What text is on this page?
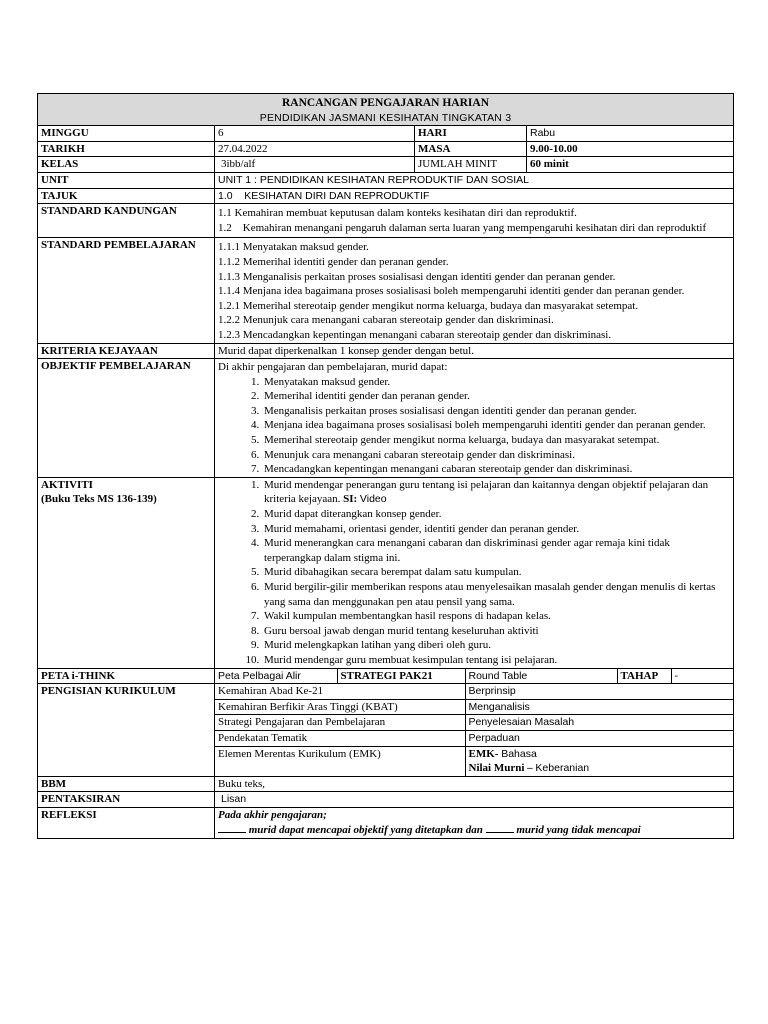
RANCANGAN PENGAJARAN HARIAN
PENDIDIKAN JASMANI KESIHATAN TINGKATAN 3

MINGGU	6	HARI	Rabu
TARIKH	27.04.2022	MASA	9.00-10.00
KELAS	3ibb/alf	JUMLAH MINIT	60 minit
UNIT	UNIT 1 : PENDIDIKAN KESIHATAN REPRODUKTIF DAN SOSIAL
TAJUK	1.0    KESIHATAN DIRI DAN REPRODUKTIF
STANDARD KANDUNGAN	1.1 Kemahiran membuat keputusan dalam konteks kesihatan diri dan reproduktif.

1.2    Kemahiran menangani pengaruh dalaman serta luaran yang mempengaruhi kesihatan diri dan reproduktif

STANDARD PEMBELAJARAN	1.1.1 Menyatakan maksud gender.

1.1.2 Memerihal identiti gender dan peranan gender.

1.1.3 Menganalisis perkaitan proses sosialisasi dengan identiti gender dan peranan gender.

1.1.4 Menjana idea bagaimana proses sosialisasi boleh mempengaruhi identiti gender dan peranan gender.

1.2.1 Memerihal stereotaip gender mengikut norma keluarga, budaya dan masyarakat setempat.

1.2.2 Menunjuk cara menangani cabaran stereotaip gender dan diskriminasi.

1.2.3 Mencadangkan kepentingan menangani cabaran stereotaip gender dan diskriminasi.

KRITERIA KEJAYAAN	Murid dapat diperkenalkan 1 konsep gender dengan betul.
OBJEKTIF PEMBELAJARAN	Di akhir pengajaran dan pembelajaran, murid dapat:

1. Menyatakan maksud gender.
2. Memerihal identiti gender dan peranan gender.
3. Menganalisis perkaitan proses sosialisasi dengan identiti gender dan peranan gender.
4. Menjana idea bagaimana proses sosialisasi boleh mempengaruhi identiti gender dan peranan gender.
5. Memerihal stereotaip gender mengikut norma keluarga, budaya dan masyarakat setempat.
6. Menunjuk cara menangani cabaran stereotaip gender dan diskriminasi.
7. Mencadangkan kepentingan menangani cabaran stereotaip gender dan diskriminasi.

AKTIVITI

(Buku Teks MS 136-139)

1. Murid mendengar penerangan guru tentang isi pelajaran dan kaitannya dengan objektif pelajaran dan kriteria kejayaan. SI: Video
2. Murid dapat diterangkan konsep gender.
3. Murid memahami, orientasi gender, identiti gender dan peranan gender.
4. Murid menerangkan cara menangani cabaran dan diskriminasi gender agar remaja kini tidak terperangkap dalam stigma ini.
5. Murid dibahagikan secara berempat dalam satu kumpulan.
6. Murid bergilir-gilir memberikan respons atau menyelesaikan masalah gender dengan menulis di kertas yang sama dan menggunakan pen atau pensil yang sama.
7. Wakil kumpulan membentangkan hasil respons di hadapan kelas.
8. Guru bersoal jawab dengan murid tentang keseluruhan aktiviti
9. Murid melengkapkan latihan yang diberi oleh guru.
10. Murid mendengar guru membuat kesimpulan tentang isi pelajaran.

PETA i-THINK		Peta Pelbagai Alir	STRATEGI PAK21	Round Table	TAHAP	-

PENGISIAN KURIKULUM		Kemahiran Abad Ke-21	Berprinsip
Kemahiran Berfikir Aras Tinggi (KBAT)	Menganalisis
Strategi Pengajaran dan Pembelajaran	Penyelesaian Masalah
Pendekatan Tematik	Perpaduan
Elemen Merentas Kurikulum (EMK)	EMK- Bahasa

Nilai Murni – Keberanian

BBM	Buku teks,
PENTAKSIRAN	Lisan
REFLEKSI	Pada akhir pengajaran;

murid dapat mencapai objektif yang ditetapkan dan	murid yang tidak mencapai
